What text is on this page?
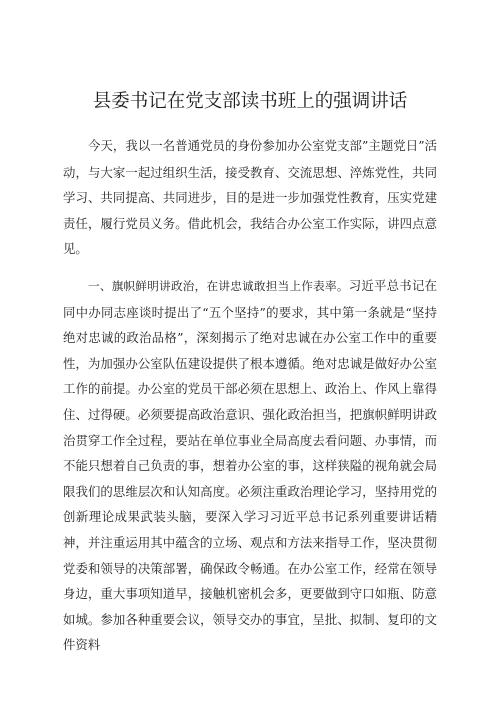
县委书记在党支部读书班上的强调讲话

今天，我以一名普通党员的身份参加办公室党支部”主题党日”活动，与大家一起过组织生活，接受教育、交流思想、淬炼党性，共同学习、共同提高、共同进步，目的是进一步加强党性教育，压实党建责任，履行党员义务。借此机会，我结合办公室工作实际，讲四点意见。

一、旗帜鲜明讲政治，在讲忠诚敢担当上作表率。习近平总书记在同中办同志座谈时提出了“五个坚持”的要求，其中第一条就是“坚持绝对忠诚的政治品格”，深刻揭示了绝对忠诚在办公室工作中的重要性，为加强办公室队伍建设提供了根本遵循。绝对忠诚是做好办公室工作的前提。办公室的党员干部必须在思想上、政治上、作风上靠得住、过得硬。必须要提高政治意识、强化政治担当，把旗帜鲜明讲政治贯穿工作全过程，要站在单位事业全局高度去看问题、办事情，而不能只想着自己负责的事，想着办公室的事，这样狭隘的视角就会局限我们的思维层次和认知高度。必须注重政治理论学习，坚持用党的创新理论成果武装头脑，要深入学习习近平总书记系列重要讲话精神，并注重运用其中蕴含的立场、观点和方法来指导工作，坚决贯彻党委和领导的决策部署，确保政令畅通。在办公室工作，经常在领导身边，重大事项知道早，接触机密机会多，更要做到守口如瓶、防意如城。参加各种重要会议，领导交办的事宜，呈批、拟制、复印的文件资料
